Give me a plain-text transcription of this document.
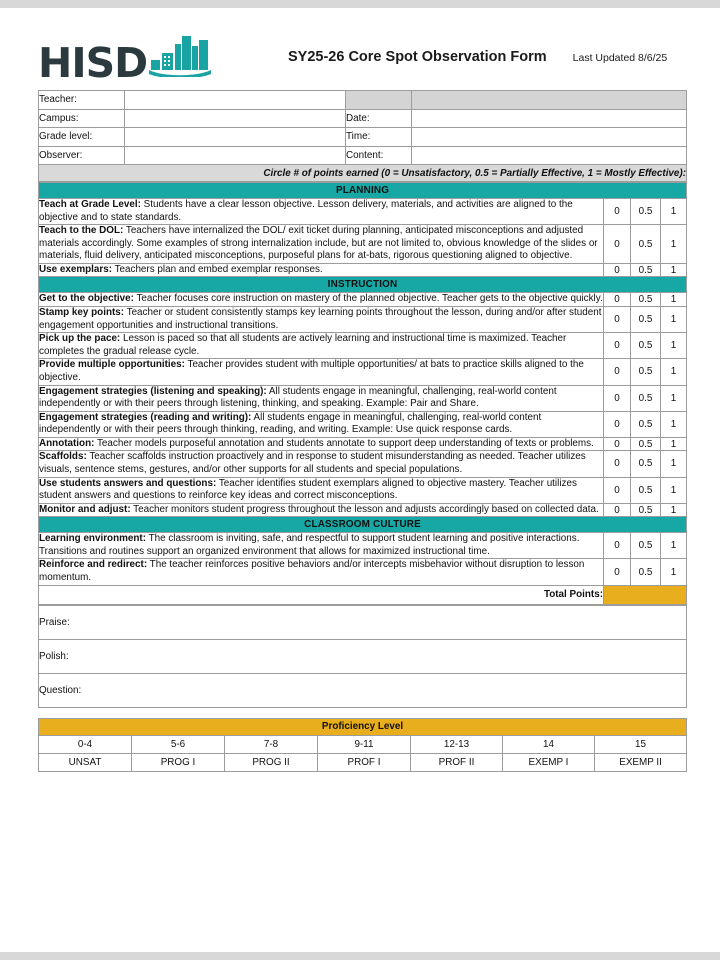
HISD	SY25-26 Core Spot Observation Form Last Updated 8/6/25
Teacher:			
Campus:		Date:	
Grade level:		Time:	
Observer:		Content:	
Circle # of points earned (0 = Unsatisfactory, 0.5 = Partially Effective, 1 = Mostly Effective):			
PLANNING			
Teach at Grade Level: Students have a clear lesson objective. Lesson delivery, materials, and activities are aligned to the objective and to state standards.	0	0.5	1
Teach to the DOL: Teachers have internalized the DOL/ exit ticket during planning, anticipated misconceptions and adjusted materials accordingly. Some examples of strong internalization include, but are not limited to, obvious knowledge of the slides or materials, fluid delivery, anticipated misconceptions, purposeful plans for at-bats, rigorous questioning aligned to objective.	0	0.5	1
Use exemplars: Teachers plan and embed exemplar responses.	0	0.5	1
INSTRUCTION			
Get to the objective: Teacher focuses core instruction on mastery of the planned objective. Teacher gets to the objective quickly.	0	0.5	1
Stamp key points: Teacher or student consistently stamps key learning points throughout the lesson, during and/or after student engagement opportunities and instructional transitions.	0	0.5	1
Pick up the pace: Lesson is paced so that all students are actively learning and instructional time is maximized. Teacher completes the gradual release cycle.	0	0.5	1
Provide multiple opportunities: Teacher provides student with multiple opportunities/ at bats to practice skills aligned to the objective.	0	0.5	1
Engagement strategies (listening and speaking): All students engage in meaningful, challenging, real-world content independently or with their peers through listening, thinking, and speaking. Example: Pair and Share.	0	0.5	1
Engagement strategies (reading and writing): All students engage in meaningful, challenging, real-world content independently or with their peers through thinking, reading, and writing. Example: Use quick response cards.	0	0.5	1
Annotation: Teacher models purposeful annotation and students annotate to support deep understanding of texts or problems.	0	0.5	1
Scaffolds: Teacher scaffolds instruction proactively and in response to student misunderstanding as needed. Teacher utilizes visuals, sentence stems, gestures, and/or other supports for all students and special populations.	0	0.5	1
Use students answers and questions: Teacher identifies student exemplars aligned to objective mastery. Teacher utilizes student answers and questions to reinforce key ideas and correct misconceptions.	0	0.5	1
Monitor and adjust: Teacher monitors student progress throughout the lesson and adjusts accordingly based on collected data.	0	0.5	1
CLASSROOM CULTURE			
Learning environment: The classroom is inviting, safe, and respectful to support student learning and positive interactions. Transitions and routines support an organized environment that allows for maximized instructional time.	0	0.5	1
Reinforce and redirect: The teacher reinforces positive behaviors and/or intercepts misbehavior without disruption to lesson momentum.	0	0.5	1
Total Points:			
Praise:
Polish:
Question:
Proficiency Level						
0-4	5-6	7-8	9-11	12-13	14	15
UNSAT	PROG I	PROG II	PROF I	PROF II	EXEMP I	EXEMP II
